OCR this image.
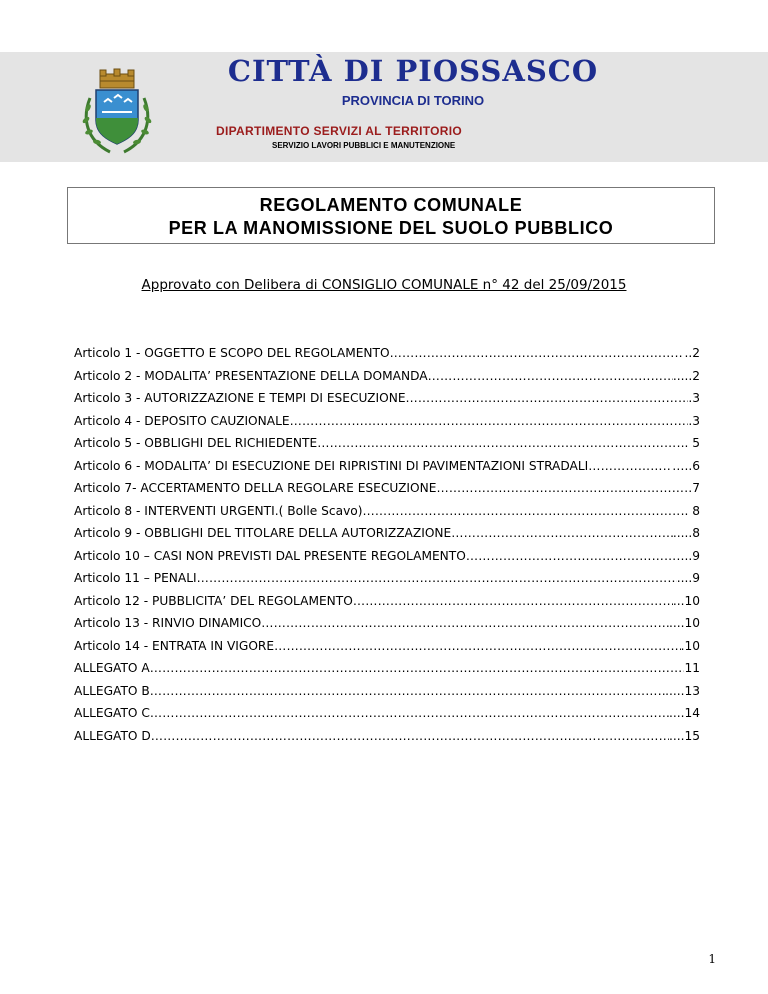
CITTÀ DI PIOSSASCO
PROVINCIA DI TORINO
DIPARTIMENTO SERVIZI AL TERRITORIO
SERVIZIO LAVORI PUBBLICI E MANUTENZIONE
REGOLAMENTO COMUNALE
PER LA MANOMISSIONE DEL SUOLO PUBBLICO
Approvato con Delibera di CONSIGLIO COMUNALE n° 42 del 25/09/2015
Articolo 1 - OGGETTO E SCOPO DEL REGOLAMENTO ……………………………………………………………………………………………………………………………………………………………………	..2
Articolo 2 - MODALITA’ PRESENTAZIONE DELLA DOMANDA ……………………………………………………………………………………………………………………………………………………………………	.....2
Articolo 3 - AUTORIZZAZIONE E TEMPI DI ESECUZIONE ……………………………………………………………………………………………………………………………………………………………………	.3
Articolo 4 - DEPOSITO CAUZIONALE ……………………………………………………………………………………………………………………………………………………………………	.3
Articolo 5 - OBBLIGHI DEL RICHIEDENTE ……………………………………………………………………………………………………………………………………………………………………	. 5
Articolo 6 - MODALITA’ DI ESECUZIONE DEI RIPRISTINI DI PAVIMENTAZIONI STRADALI ……………………………………………………………………………………………………………………………………………………………………	…..6
Articolo 7- ACCERTAMENTO DELLA REGOLARE ESECUZIONE ……………………………………………………………………………………………………………………………………………………………………	7
Articolo 8 - INTERVENTI URGENTI.( Bolle Scavo) ……………………………………………………………………………………………………………………………………………………………………	.. 8
Articolo 9 - OBBLIGHI DEL TITOLARE DELLA AUTORIZZAZIONE ……………………………………………………………………………………………………………………………………………………………………	.....8
Articolo 10 – CASI NON PREVISTI DAL PRESENTE REGOLAMENTO ……………………………………………………………………………………………………………………………………………………………………	..9
Articolo 11 – PENALI ……………………………………………………………………………………………………………………………………………………………………	....9
Articolo 12 - PUBBLICITA’ DEL REGOLAMENTO ……………………………………………………………………………………………………………………………………………………………………	...10
Articolo 13 - RINVIO DINAMICO ……………………………………………………………………………………………………………………………………………………………………	....10
Articolo 14 - ENTRATA IN VIGORE ……………………………………………………………………………………………………………………………………………………………………	.10
ALLEGATO A ……………………………………………………………………………………………………………………………………………………………………	11
ALLEGATO B ……………………………………………………………………………………………………………………………………………………………………	.....13
ALLEGATO C ……………………………………………………………………………………………………………………………………………………………………	....14
ALLEGATO D ……………………………………………………………………………………………………………………………………………………………………	....15
1
